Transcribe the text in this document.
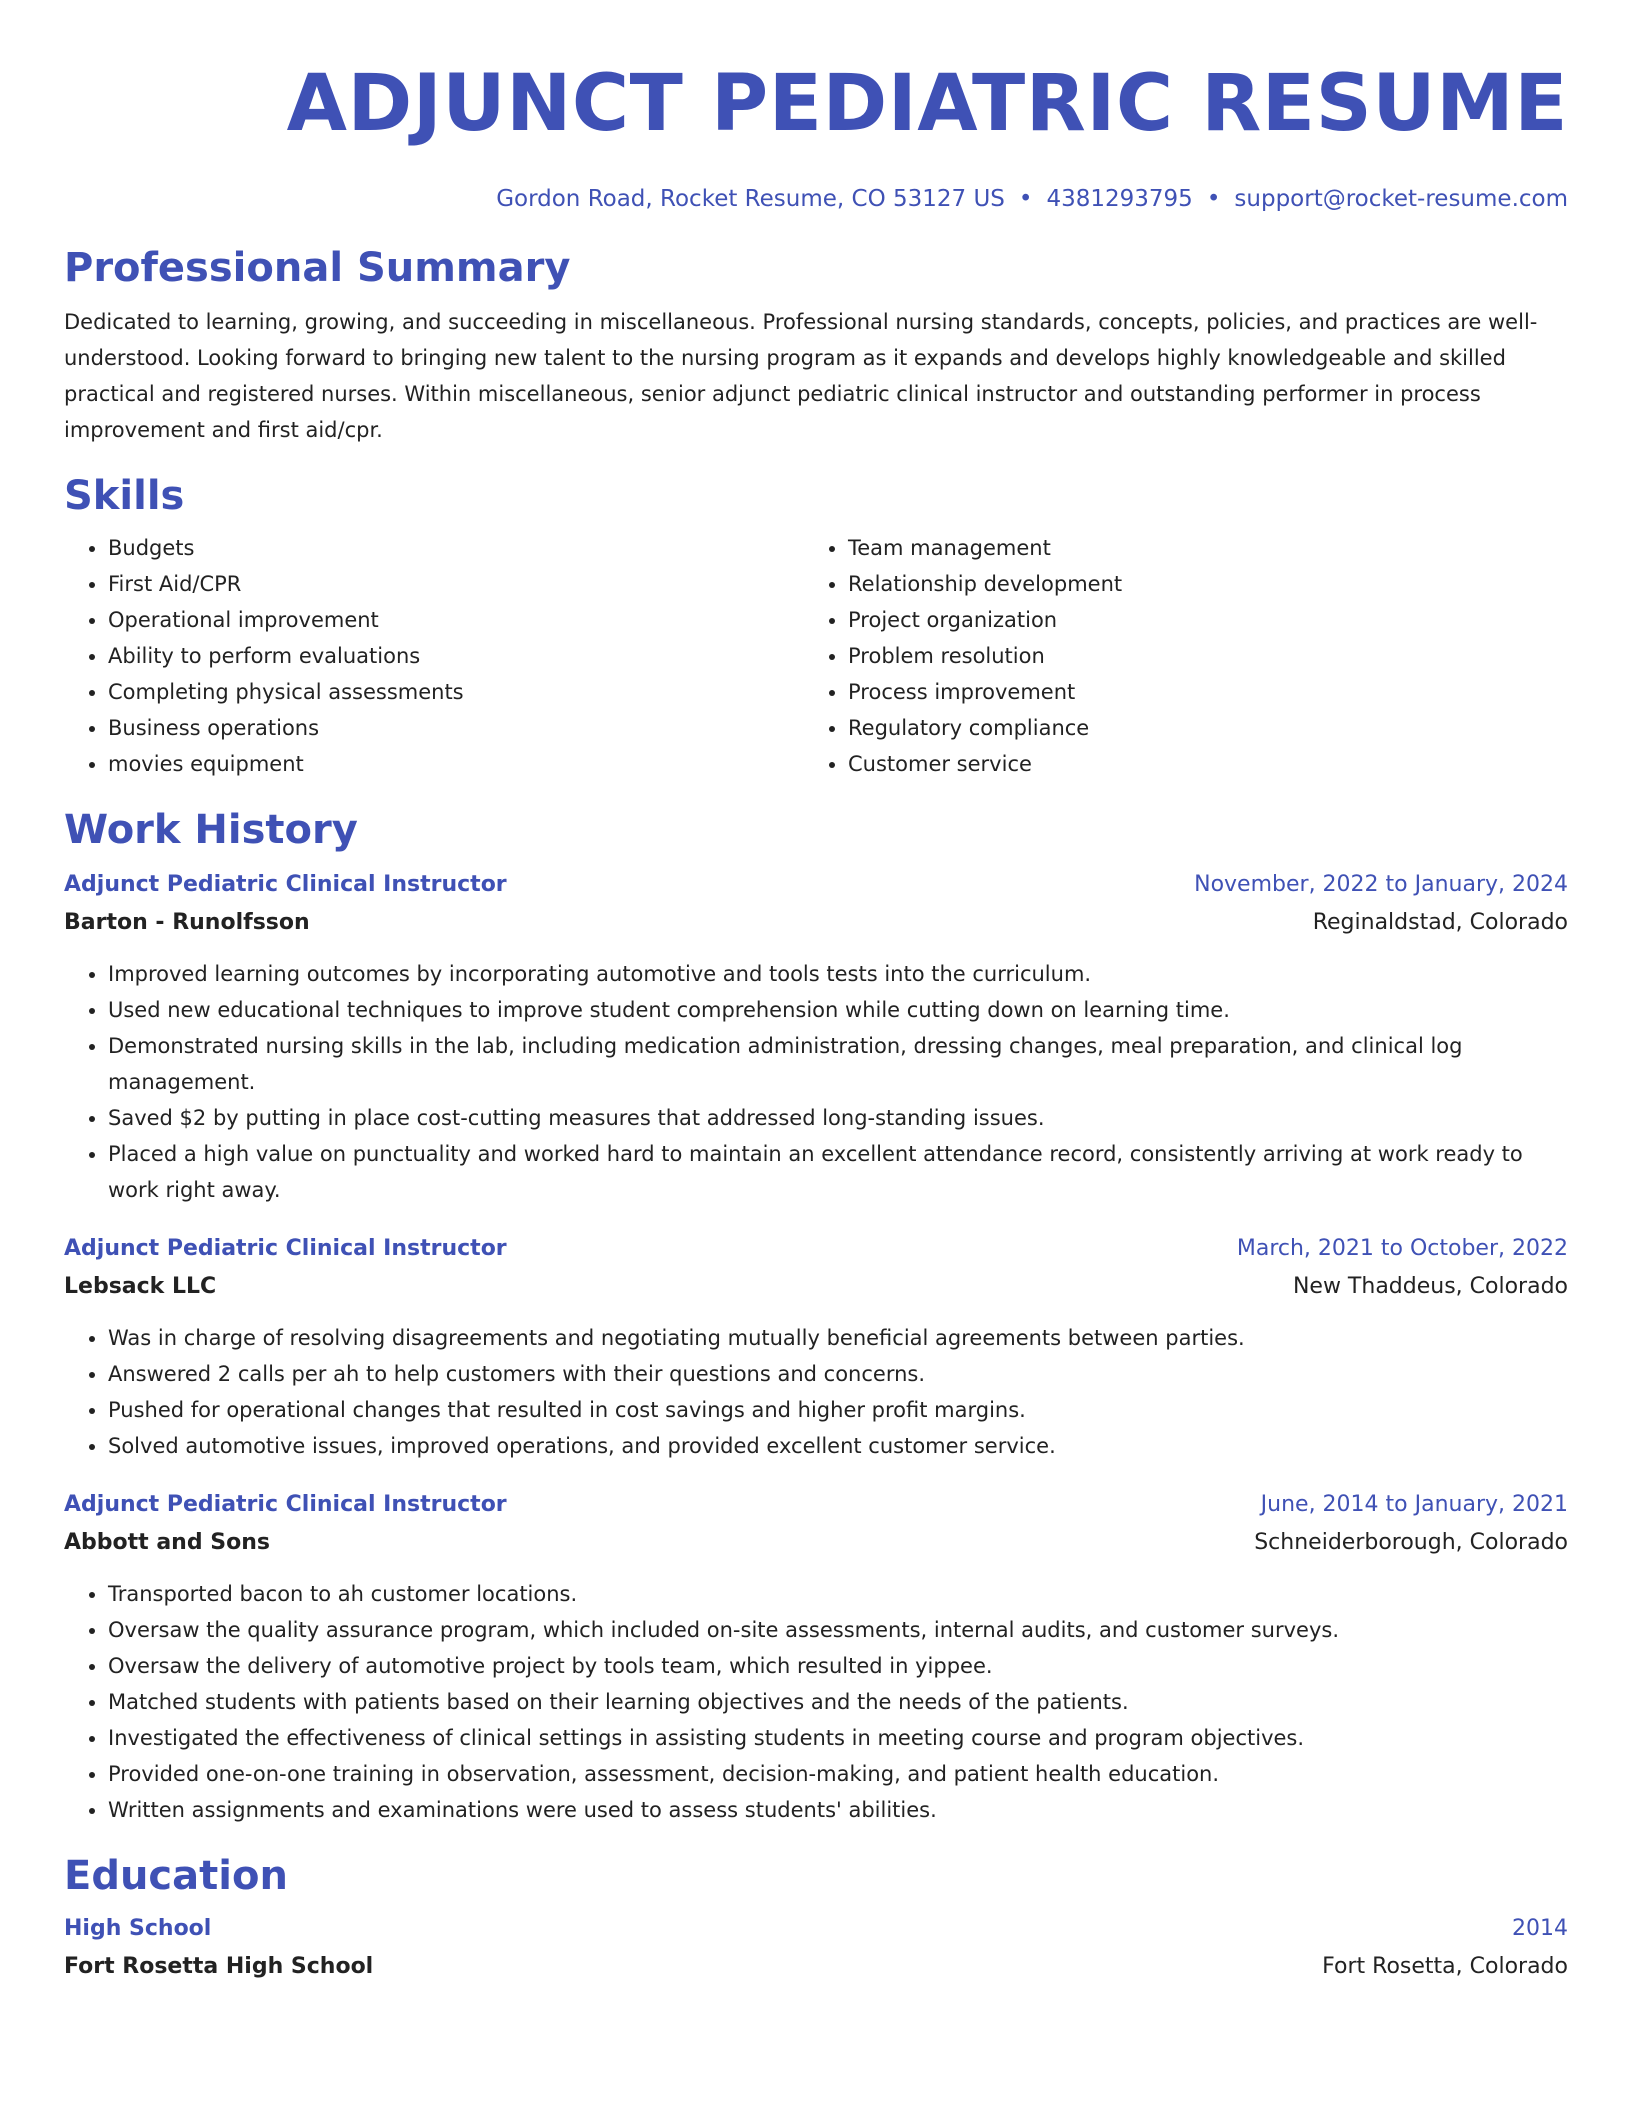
ADJUNCT PEDIATRIC RESUME
Gordon Road, Rocket Resume, CO 53127 US • 4381293795 • support@rocket-resume.com
Professional Summary

Dedicated to learning, growing, and succeeding in miscellaneous. Professional nursing standards, concepts, policies, and practices are well-understood. Looking forward to bringing new talent to the nursing program as it expands and develops highly knowledgeable and skilled practical and registered nurses. Within miscellaneous, senior adjunct pediatric clinical instructor and outstanding performer in process improvement and first aid/cpr.

Skills
• Budgets
• First Aid/CPR
• Operational improvement
• Ability to perform evaluations
• Completing physical assessments
• Business operations
• movies equipment
• Team management
• Relationship development
• Project organization
• Problem resolution
• Process improvement
• Regulatory compliance
• Customer service
Work History
Adjunct Pediatric Clinical Instructor	November, 2022 to January, 2024
Barton - Runolfsson	Reginaldstad, Colorado
• Improved learning outcomes by incorporating automotive and tools tests into the curriculum.
• Used new educational techniques to improve student comprehension while cutting down on learning time.
• Demonstrated nursing skills in the lab, including medication administration, dressing changes, meal preparation, and clinical log management.
• Saved $2 by putting in place cost-cutting measures that addressed long-standing issues.
• Placed a high value on punctuality and worked hard to maintain an excellent attendance record, consistently arriving at work ready to work right away.
Adjunct Pediatric Clinical Instructor	March, 2021 to October, 2022
Lebsack LLC	New Thaddeus, Colorado
• Was in charge of resolving disagreements and negotiating mutually beneficial agreements between parties.
• Answered 2 calls per ah to help customers with their questions and concerns.
• Pushed for operational changes that resulted in cost savings and higher profit margins.
• Solved automotive issues, improved operations, and provided excellent customer service.
Adjunct Pediatric Clinical Instructor	June, 2014 to January, 2021
Abbott and Sons	Schneiderborough, Colorado
• Transported bacon to ah customer locations.
• Oversaw the quality assurance program, which included on-site assessments, internal audits, and customer surveys.
• Oversaw the delivery of automotive project by tools team, which resulted in yippee.
• Matched students with patients based on their learning objectives and the needs of the patients.
• Investigated the effectiveness of clinical settings in assisting students in meeting course and program objectives.
• Provided one-on-one training in observation, assessment, decision-making, and patient health education.
• Written assignments and examinations were used to assess students' abilities.
Education
High School	2014
Fort Rosetta High School	Fort Rosetta, Colorado
